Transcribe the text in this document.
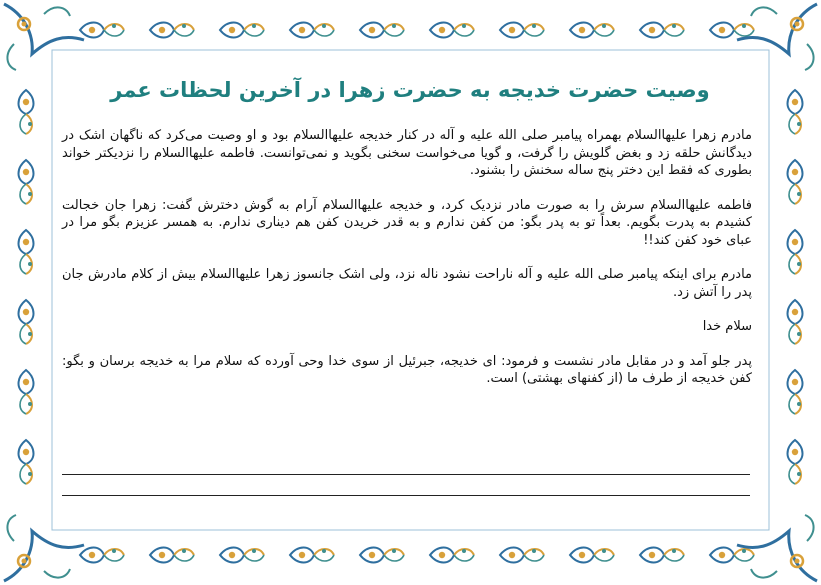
وصیت حضرت خدیجه به حضرت زهرا در آخرین لحظات عمر

مادرم زهرا علیهاالسلام بهمراه پیامبر صلی الله علیه و آله در کنار خدیجه علیهاالسلام بود و او وصیت می‌کرد که ناگهان اشک در دیدگانش حلقه زد و بغض گلویش را گرفت، و گویا می‌خواست سخنی بگوید و نمی‌توانست. فاطمه علیهاالسلام را نزدیکتر خواند بطوری که فقط این دختر پنج ساله سخنش را بشنود.

فاطمه علیهاالسلام سرش را به صورت مادر نزدیک کرد، و خدیجه علیهاالسلام آرام به گوش دخترش گفت: زهرا جان خجالت کشیدم به پدرت بگویم. بعداً تو به پدر بگو: من کفن ندارم و به قدر خریدن کفن هم دیناری ندارم. به همسر عزیزم بگو مرا در عبای خود کفن کند!!

مادرم برای اینکه پیامبر صلی الله علیه و آله ناراحت نشود ناله نزد، ولی اشک جانسوز زهرا علیهاالسلام بیش از کلام مادرش جان پدر را آتش زد.

سلام خدا

پدر جلو آمد و در مقابل مادر نشست و فرمود: ای خدیجه، جبرئیل از سوی خدا وحی آورده که سلام مرا به خدیجه برسان و بگو: کفن خدیجه از طرف ما (از کفنهای بهشتی) است.
